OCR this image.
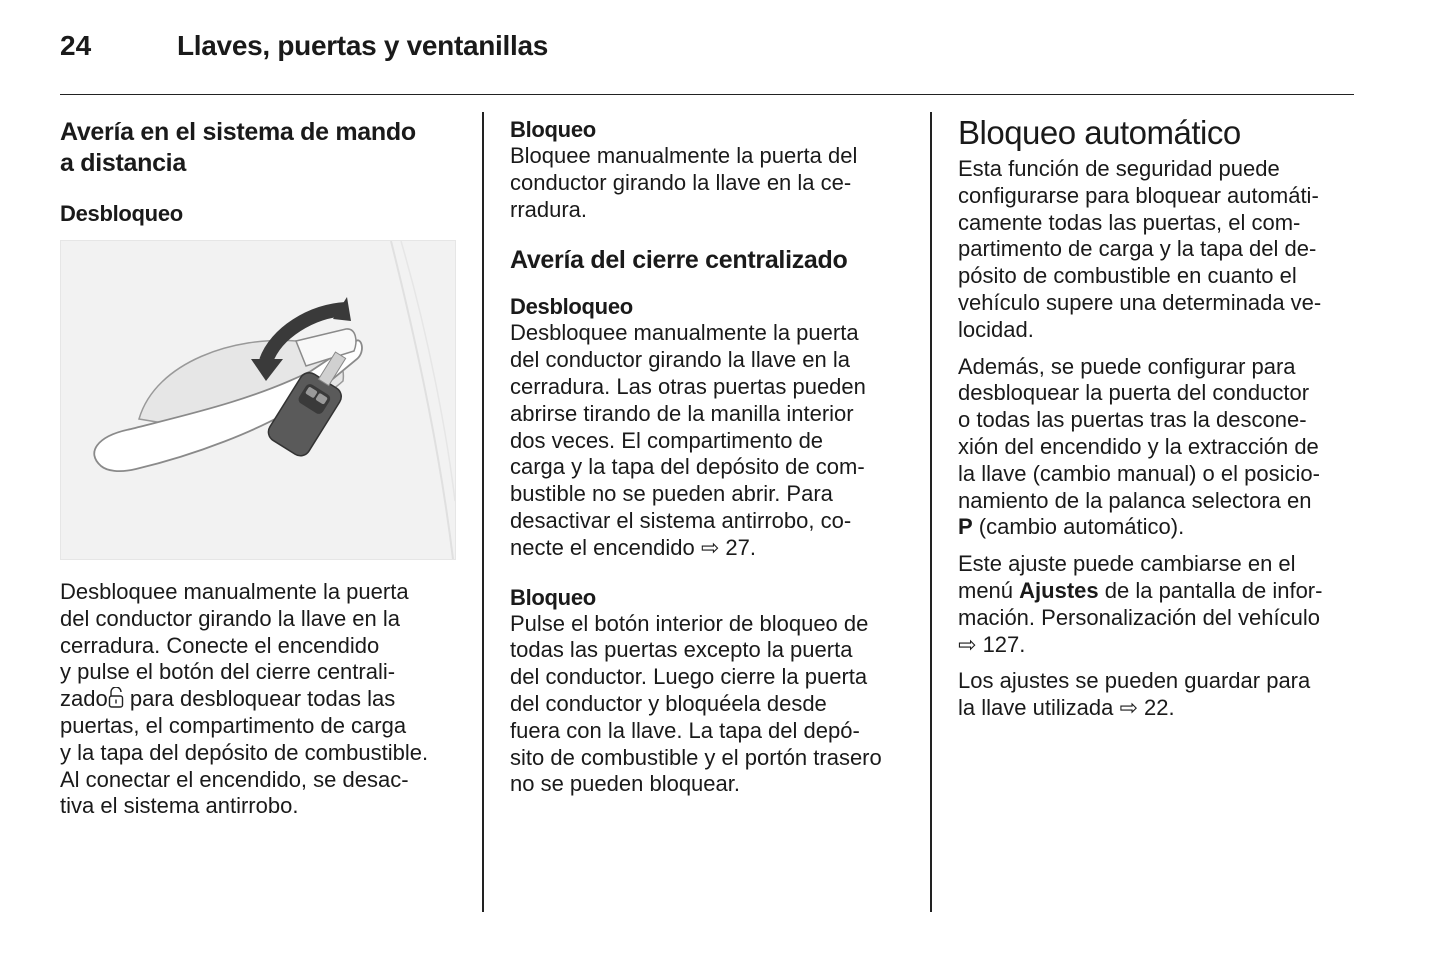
24	Llaves, puertas y ventanillas
Avería en el sistema de mando
a distancia
Desbloqueo

Desbloquee manualmente la puerta
del conductor girando la llave en la
cerradura. Conecte el encendido
y pulse el botón del cierre centrali-
zado para desbloquear todas las
puertas, el compartimento de carga
y la tapa del depósito de combustible.
Al conectar el encendido, se desac-
tiva el sistema antirrobo.

Bloqueo

Bloquee manualmente la puerta del
conductor girando la llave en la ce-
rradura.

Avería del cierre centralizado
Desbloqueo

Desbloquee manualmente la puerta
del conductor girando la llave en la
cerradura. Las otras puertas pueden
abrirse tirando de la manilla interior
dos veces. El compartimento de
carga y la tapa del depósito de com-
bustible no se pueden abrir. Para
desactivar el sistema antirrobo, co-
necte el encendido ⇨ 27.

Bloqueo

Pulse el botón interior de bloqueo de
todas las puertas excepto la puerta
del conductor. Luego cierre la puerta
del conductor y bloquéela desde
fuera con la llave. La tapa del depó-
sito de combustible y el portón trasero
no se pueden bloquear.

Bloqueo automático

Esta función de seguridad puede
configurarse para bloquear automáti-
camente todas las puertas, el com-
partimento de carga y la tapa del de-
pósito de combustible en cuanto el
vehículo supere una determinada ve-
locidad.

Además, se puede configurar para
desbloquear la puerta del conductor
o todas las puertas tras la descone-
xión del encendido y la extracción de
la llave (cambio manual) o el posicio-
namiento de la palanca selectora en
P (cambio automático).

Este ajuste puede cambiarse en el
menú Ajustes de la pantalla de infor-
mación. Personalización del vehículo
⇨ 127.

Los ajustes se pueden guardar para
la llave utilizada ⇨ 22.
